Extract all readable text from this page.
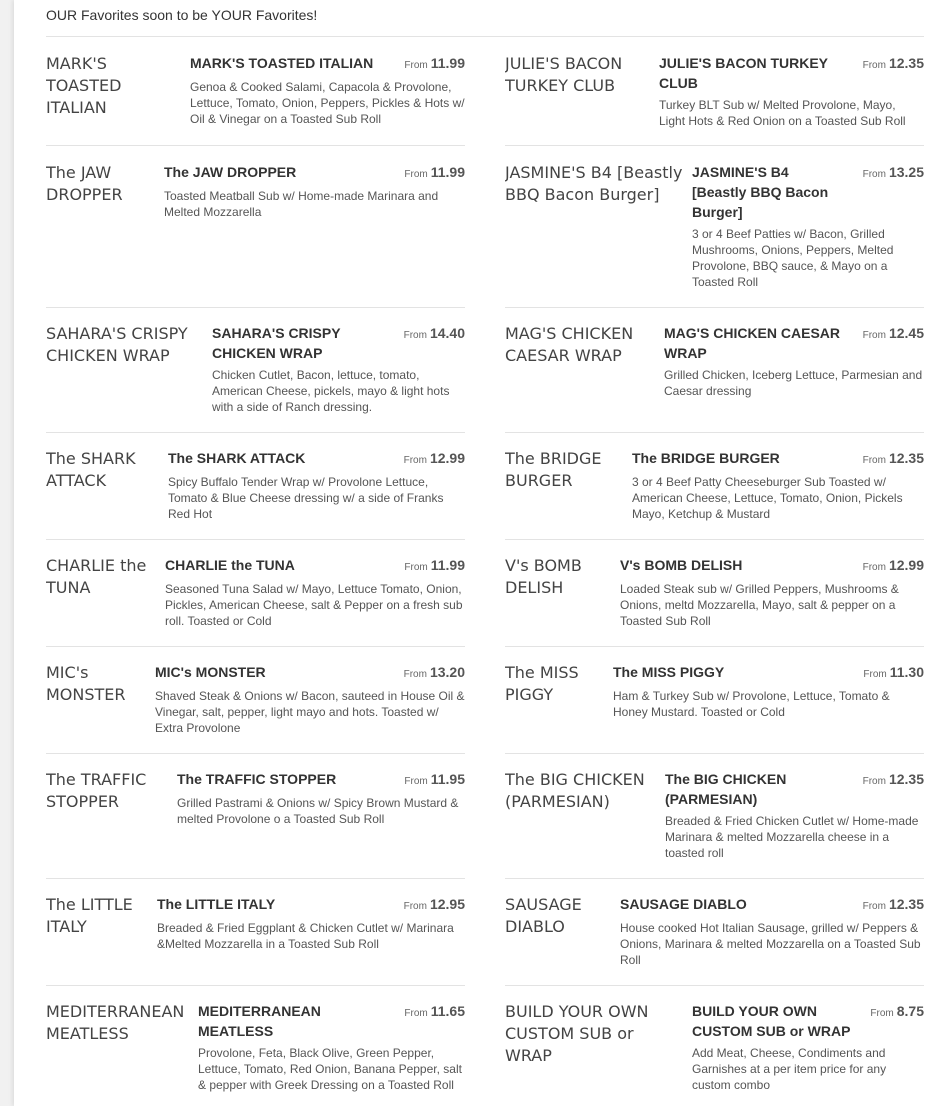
OUR Favorites soon to be YOUR Favorites!
MARK'S TOASTED ITALIAN
MARK'S TOASTED ITALIAN	From 11.99
Genoa & Cooked Salami, Capacola & Provolone, Lettuce, Tomato, Onion, Peppers, Pickles & Hots w/ Oil & Vinegar on a Toasted Sub Roll
JULIE'S BACON TURKEY CLUB
JULIE'S BACON TURKEY CLUB
From 12.35
Turkey BLT Sub w/ Melted Provolone, Mayo, Light Hots & Red Onion on a Toasted Sub Roll
The JAW DROPPER
The JAW DROPPER	From 11.99
Toasted Meatball Sub w/ Home-made Marinara and Melted Mozzarella
JASMINE'S B4 [Beastly BBQ Bacon Burger]
JASMINE'S B4 [Beastly BBQ Bacon Burger]
From 13.25
3 or 4 Beef Patties w/ Bacon, Grilled Mushrooms, Onions, Peppers, Melted Provolone, BBQ sauce, & Mayo on a Toasted Roll
SAHARA'S CRISPY CHICKEN WRAP
SAHARA'S CRISPY CHICKEN WRAP
From 14.40
Chicken Cutlet, Bacon, lettuce, tomato, American Cheese, pickels, mayo & light hots with a side of Ranch dressing.
MAG'S CHICKEN CAESAR WRAP
MAG'S CHICKEN CAESAR WRAP
From 12.45
Grilled Chicken, Iceberg Lettuce, Parmesian and Caesar dressing
The SHARK ATTACK
The SHARK ATTACK	From 12.99
Spicy Buffalo Tender Wrap w/ Provolone Lettuce, Tomato & Blue Cheese dressing w/ a side of Franks Red Hot
The BRIDGE BURGER
The BRIDGE BURGER	From 12.35
3 or 4 Beef Patty Cheeseburger Sub Toasted w/ American Cheese, Lettuce, Tomato, Onion, Pickels Mayo, Ketchup & Mustard
CHARLIE the TUNA
CHARLIE the TUNA	From 11.99
Seasoned Tuna Salad w/ Mayo, Lettuce Tomato, Onion, Pickles, American Cheese, salt & Pepper on a fresh sub roll. Toasted or Cold
V's BOMB DELISH
V's BOMB DELISH	From 12.99
Loaded Steak sub w/ Grilled Peppers, Mushrooms & Onions, meltd Mozzarella, Mayo, salt & pepper on a Toasted Sub Roll
MIC's MONSTER
MIC's MONSTER	From 13.20
Shaved Steak & Onions w/ Bacon, sauteed in House Oil & Vinegar, salt, pepper, light mayo and hots. Toasted w/ Extra Provolone
The MISS PIGGY
The MISS PIGGY	From 11.30
Ham & Turkey Sub w/ Provolone, Lettuce, Tomato & Honey Mustard. Toasted or Cold
The TRAFFIC STOPPER
The TRAFFIC STOPPER	From 11.95
Grilled Pastrami & Onions w/ Spicy Brown Mustard & melted Provolone o a Toasted Sub Roll
The BIG CHICKEN (PARMESIAN)
The BIG CHICKEN (PARMESIAN)
From 12.35
Breaded & Fried Chicken Cutlet w/ Home-made Marinara & melted Mozzarella cheese in a toasted roll
The LITTLE ITALY
The LITTLE ITALY	From 12.95
Breaded & Fried Eggplant & Chicken Cutlet w/ Marinara &Melted Mozzarella in a Toasted Sub Roll
SAUSAGE DIABLO
SAUSAGE DIABLO	From 12.35
House cooked Hot Italian Sausage, grilled w/ Peppers & Onions, Marinara & melted Mozzarella on a Toasted Sub Roll
MEDITERRANEAN MEATLESS
MEDITERRANEAN MEATLESS
From 11.65
Provolone, Feta, Black Olive, Green Pepper, Lettuce, Tomato, Red Onion, Banana Pepper, salt & pepper with Greek Dressing on a Toasted Roll
BUILD YOUR OWN CUSTOM SUB or WRAP
BUILD YOUR OWN CUSTOM SUB or WRAP
From 8.75
Add Meat, Cheese, Condiments and Garnishes at a per item price for any custom combo
